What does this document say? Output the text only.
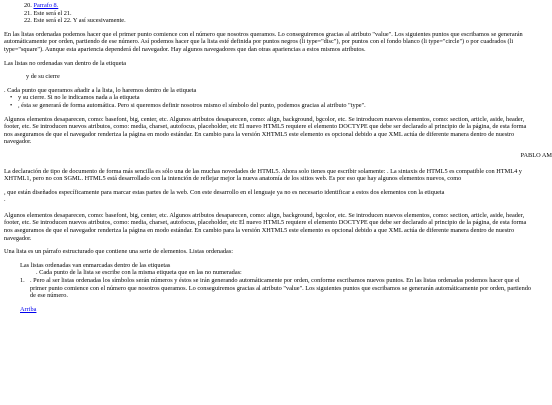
20. Parrafo 8.
21. Este será el 21.
22. Este será el 22. Y así sucesivamente.

En las listas ordenadas podemos hacer que el primer punto comience con el número que nosotros queramos. Lo conseguiremos gracias al atributo "value". Los siguientes puntos que escribamos se generarán automáticamente por orden, partiendo de ese número. Así podemos hacer que la lista esté definida por puntos negros (li type="disc"), por puntos con el fondo blanco (li type="circle") o por cuadrados (li type="square"). Aunque esta apariencia dependerá del navegador. Hay algunos navegadores que dan otras apariencias a estos mismos atributos.

Las listas no ordenadas van dentro de la etiqueta

y de su cierre
. Cada punto que queramos añadir a la lista, lo haremos dentro de la etiqueta
• y su cierre. Si no le indicamos nada a la etiqueta
• , ésta se generará de forma automática. Pero si queremos definir nosotros mismo el símbolo del punto, podemos gracias al atributo "type".

Algunos elementos desaparecen, como: basefont, big, center, etc. Algunos atributos desaparecen, como: align, background, bgcolor, etc. Se introducen nuevos elementos, como: section, article, aside, header, footer, etc. Se introducen nuevos atributos, como: media, charset, autofocus, placeholder, etc El nuevo HTML5 requiere el elemento DOCTYPE que debe ser declarado al principio de la página, de esta forma nos aseguramos de que el navegador renderiza la página en modo estándar. En cambio para la versión XHTML5 este elemento es opcional debido a que XML actúa de diferente manera dentro de nuestro navegador.

PABLO AM

La declaración de tipo de documento de forma más sencilla es sólo una de las muchas novedades de HTML5. Ahora solo tienes que escribir solamente: . La sintaxis de HTML5 es compatible con HTML4 y XHTML1, pero no con SGML. HTML5 está desarrollado con la intención de reflejar mejor la nueva anatomía de los sitios web. Es por eso que hay algunos elementos nuevos, como

, que están diseñados específicamente para marcar estas partes de la web. Con este desarrollo en el lenguaje ya no es necesario identificar a estos dos elementos con la etiqueta
.

Algunos elementos desaparecen, como: basefont, big, center, etc. Algunos atributos desaparecen, como: align, background, bgcolor, etc. Se introducen nuevos elementos, como: section, article, aside, header, footer, etc. Se introducen nuevos atributos, como: media, charset, autofocus, placeholder, etc El nuevo HTML5 requiere el elemento DOCTYPE que debe ser declarado al principio de la página, de esta forma nos aseguramos de que el navegador renderiza la página en modo estándar. En cambio para la versión XHTML5 este elemento es opcional debido a que XML actúa de diferente manera dentro de nuestro navegador.

Una lista es un párrafo estructurado que contiene una serie de elementos. Listas ordenadas:

Las listas ordenadas van enmarcadas dentro de las etiquetas
. Cada punto de la lista se escribe con la misma etiqueta que en las no numeradas:
1. . Pero al ser listas ordenadas los símbolos serán números y éstos se irán generando automáticamente por orden, conforme escribamos nuevos puntos. En las listas ordenadas podemos hacer que el primer punto comience con el número que nosotros queramos. Lo conseguiremos gracias al atributo "value". Los siguientes puntos que escribamos se generarán automáticamente por orden, partiendo de ese número.
Arriba
